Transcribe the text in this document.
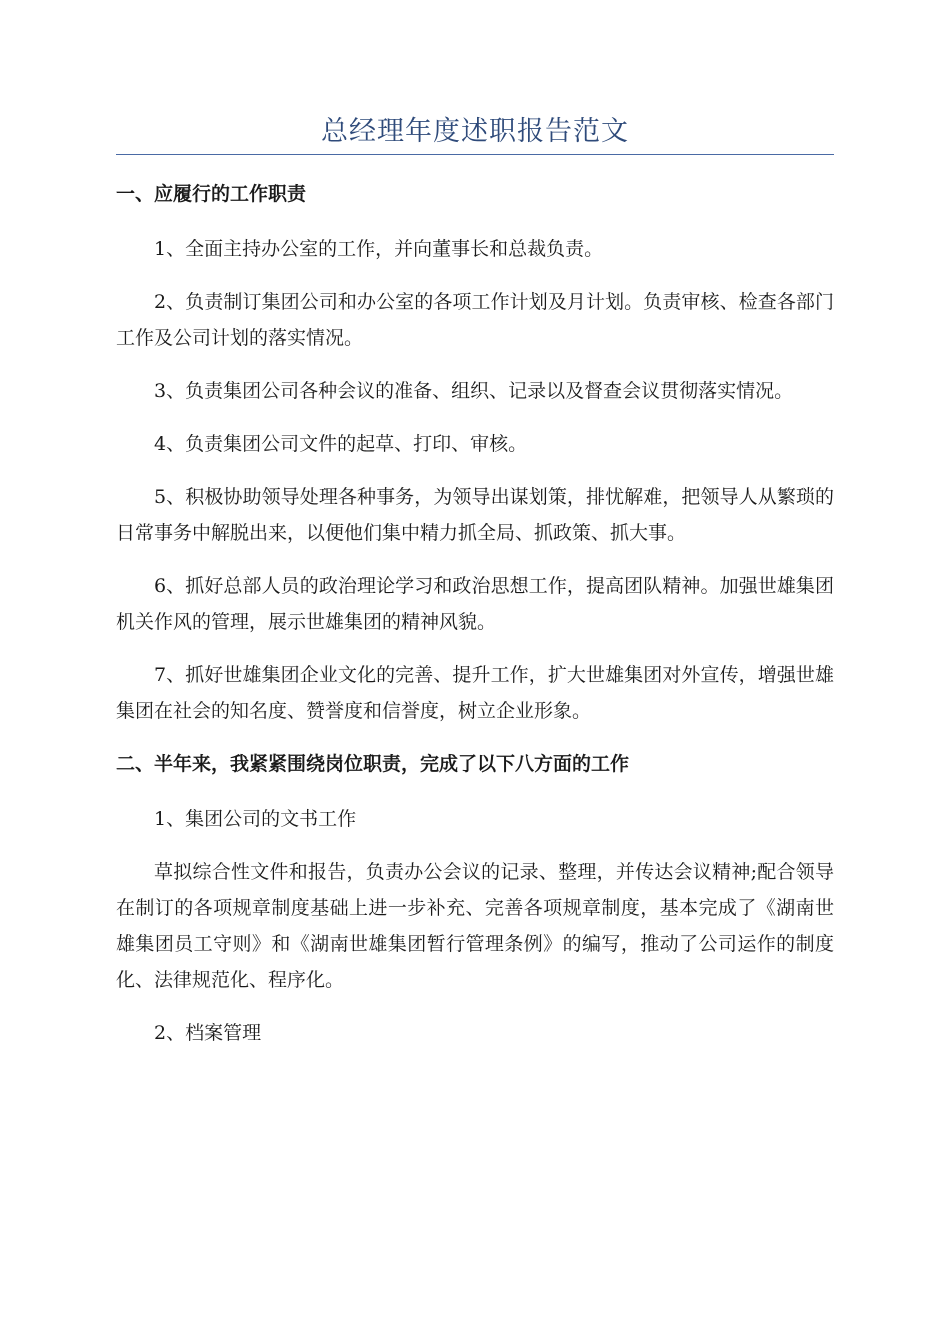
总经理年度述职报告范文
一、应履行的工作职责

1、全面主持办公室的工作，并向董事长和总裁负责。

2、负责制订集团公司和办公室的各项工作计划及月计划。负责审核、检查各部门工作及公司计划的落实情况。

3、负责集团公司各种会议的准备、组织、记录以及督查会议贯彻落实情况。

4、负责集团公司文件的起草、打印、审核。

5、积极协助领导处理各种事务，为领导出谋划策，排忧解难，把领导人从繁琐的日常事务中解脱出来，以便他们集中精力抓全局、抓政策、抓大事。

6、抓好总部人员的政治理论学习和政治思想工作，提高团队精神。加强世雄集团机关作风的管理，展示世雄集团的精神风貌。

7、抓好世雄集团企业文化的完善、提升工作，扩大世雄集团对外宣传，增强世雄集团在社会的知名度、赞誉度和信誉度，树立企业形象。

二、半年来，我紧紧围绕岗位职责，完成了以下八方面的工作

1、集团公司的文书工作

草拟综合性文件和报告，负责办公会议的记录、整理，并传达会议精神;配合领导在制订的各项规章制度基础上进一步补充、完善各项规章制度，基本完成了《湖南世雄集团员工守则》和《湖南世雄集团暂行管理条例》的编写，推动了公司运作的制度化、法律规范化、程序化。

2、档案管理
